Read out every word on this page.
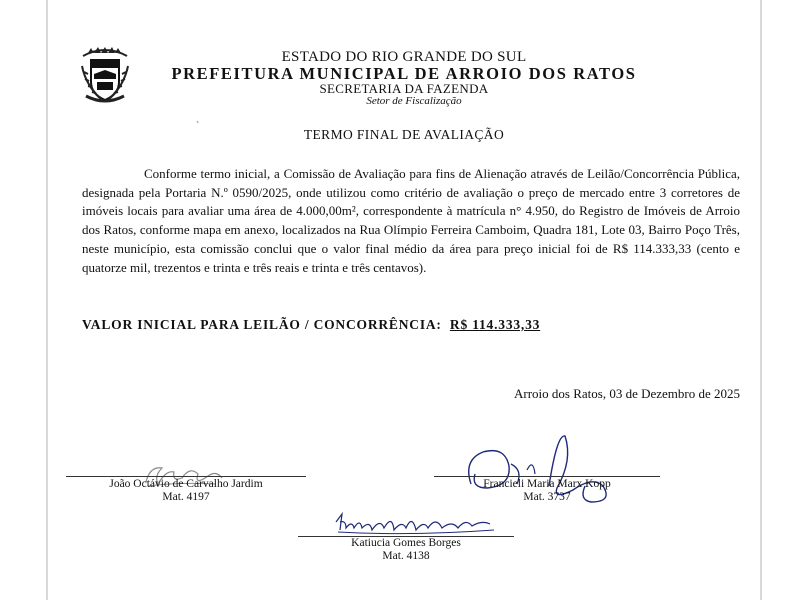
ESTADO DO RIO GRANDE DO SUL
PREFEITURA MUNICIPAL DE ARROIO DOS RATOS
SECRETARIA DA FAZENDA
Setor de Fiscalização
ˋ
TERMO FINAL DE AVALIAÇÃO
Conforme termo inicial, a Comissão de Avaliação para fins de Alienação através de Leilão/Concorrência Pública, designada pela Portaria N.º 0590/2025, onde utilizou como critério de avaliação o preço de mercado entre 3 corretores de imóveis locais para avaliar uma área de 4.000,00m², correspondente à matrícula n° 4.950, do Registro de Imóveis de Arroio dos Ratos, conforme mapa em anexo, localizados na Rua Olímpio Ferreira Camboim, Quadra 181, Lote 03, Bairro Poço Três, neste município, esta comissão conclui que o valor final médio da área para preço inicial foi de R$ 114.333,33 (cento e quatorze mil, trezentos e trinta e três reais e trinta e três centavos).
VALOR INICIAL PARA LEILÃO / CONCORRÊNCIA: R$ 114.333,33
Arroio dos Ratos, 03 de Dezembro de 2025
João Octávio de Carvalho Jardim
Mat. 4197
Francieli Maria Marx Kopp
Mat. 3737
Katiucia Gomes Borges
Mat. 4138
